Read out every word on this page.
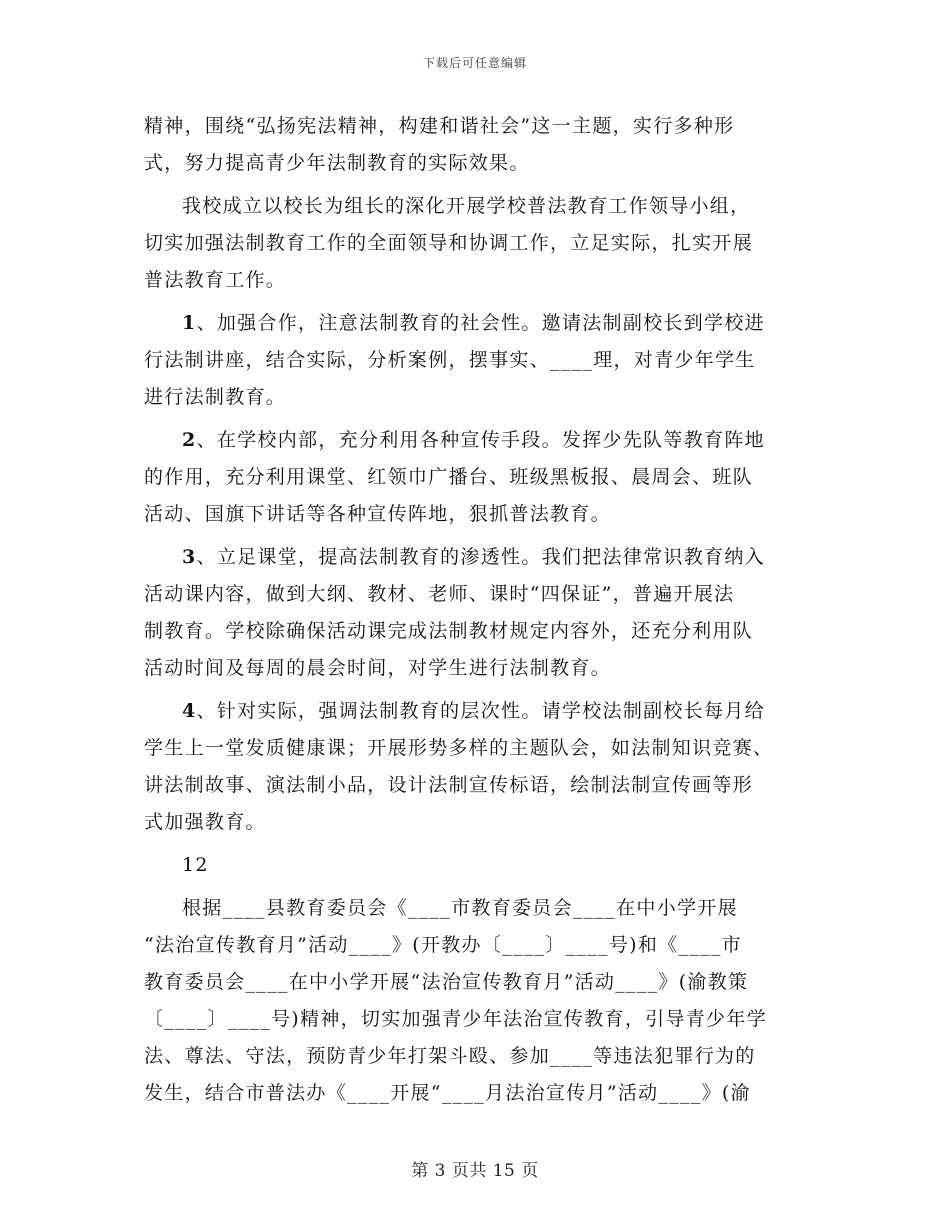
下载后可任意编辑
精神，围绕“弘扬宪法精神，构建和谐社会”这一主题，实行多种形
式，努力提高青少年法制教育的实际效果。
我校成立以校长为组长的深化开展学校普法教育工作领导小组，
切实加强法制教育工作的全面领导和协调工作，立足实际，扎实开展
普法教育工作。
1、加强合作，注意法制教育的社会性。邀请法制副校长到学校进
行法制讲座，结合实际，分析案例，摆事实、____理，对青少年学生
进行法制教育。
2、在学校内部，充分利用各种宣传手段。发挥少先队等教育阵地
的作用，充分利用课堂、红领巾广播台、班级黑板报、晨周会、班队
活动、国旗下讲话等各种宣传阵地，狠抓普法教育。
3、立足课堂，提高法制教育的渗透性。我们把法律常识教育纳入
活动课内容，做到大纲、教材、老师、课时“四保证”，普遍开展法
制教育。学校除确保活动课完成法制教材规定内容外，还充分利用队
活动时间及每周的晨会时间，对学生进行法制教育。
4、针对实际，强调法制教育的层次性。请学校法制副校长每月给
学生上一堂发质健康课；开展形势多样的主题队会，如法制知识竞赛、
讲法制故事、演法制小品，设计法制宣传标语，绘制法制宣传画等形
式加强教育。
12
根据____县教育委员会《____市教育委员会____在中小学开展
“法治宣传教育月”活动____》(开教办〔____〕____号)和《____市
教育委员会____在中小学开展“法治宣传教育月”活动____》(渝教策
〔____〕____号)精神，切实加强青少年法治宣传教育，引导青少年学
法、尊法、守法，预防青少年打架斗殴、参加____等违法犯罪行为的
发生，结合市普法办《____开展“____月法治宣传月”活动____》(渝
第 3 页共 15 页
